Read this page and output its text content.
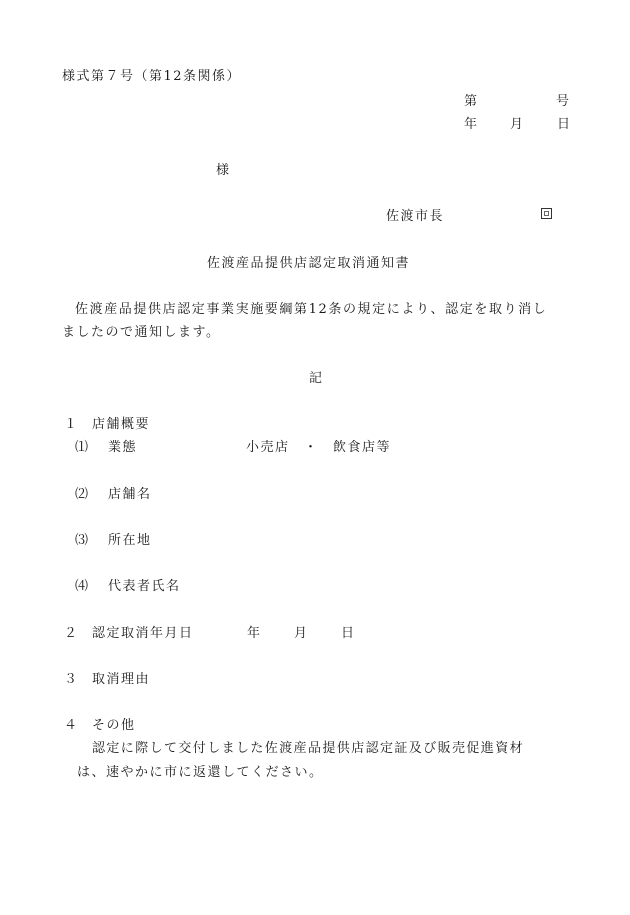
様式第７号（第12条関係）
第	号
年 月 日
様
佐渡市長
佐渡産品提供店認定取消通知書
佐渡産品提供店認定事業実施要綱第12条の規定により、認定を取り消し
ましたので通知します。
記
１ 店舗概要
⑴ 業態	小売店　・　飲食店等
⑵ 店舗名
⑶ 所在地
⑷ 代表者氏名
２ 認定取消年月日	年 月 日
３ 取消理由
４ その他
認定に際して交付しました佐渡産品提供店認定証及び販売促進資材
は、速やかに市に返還してください。
